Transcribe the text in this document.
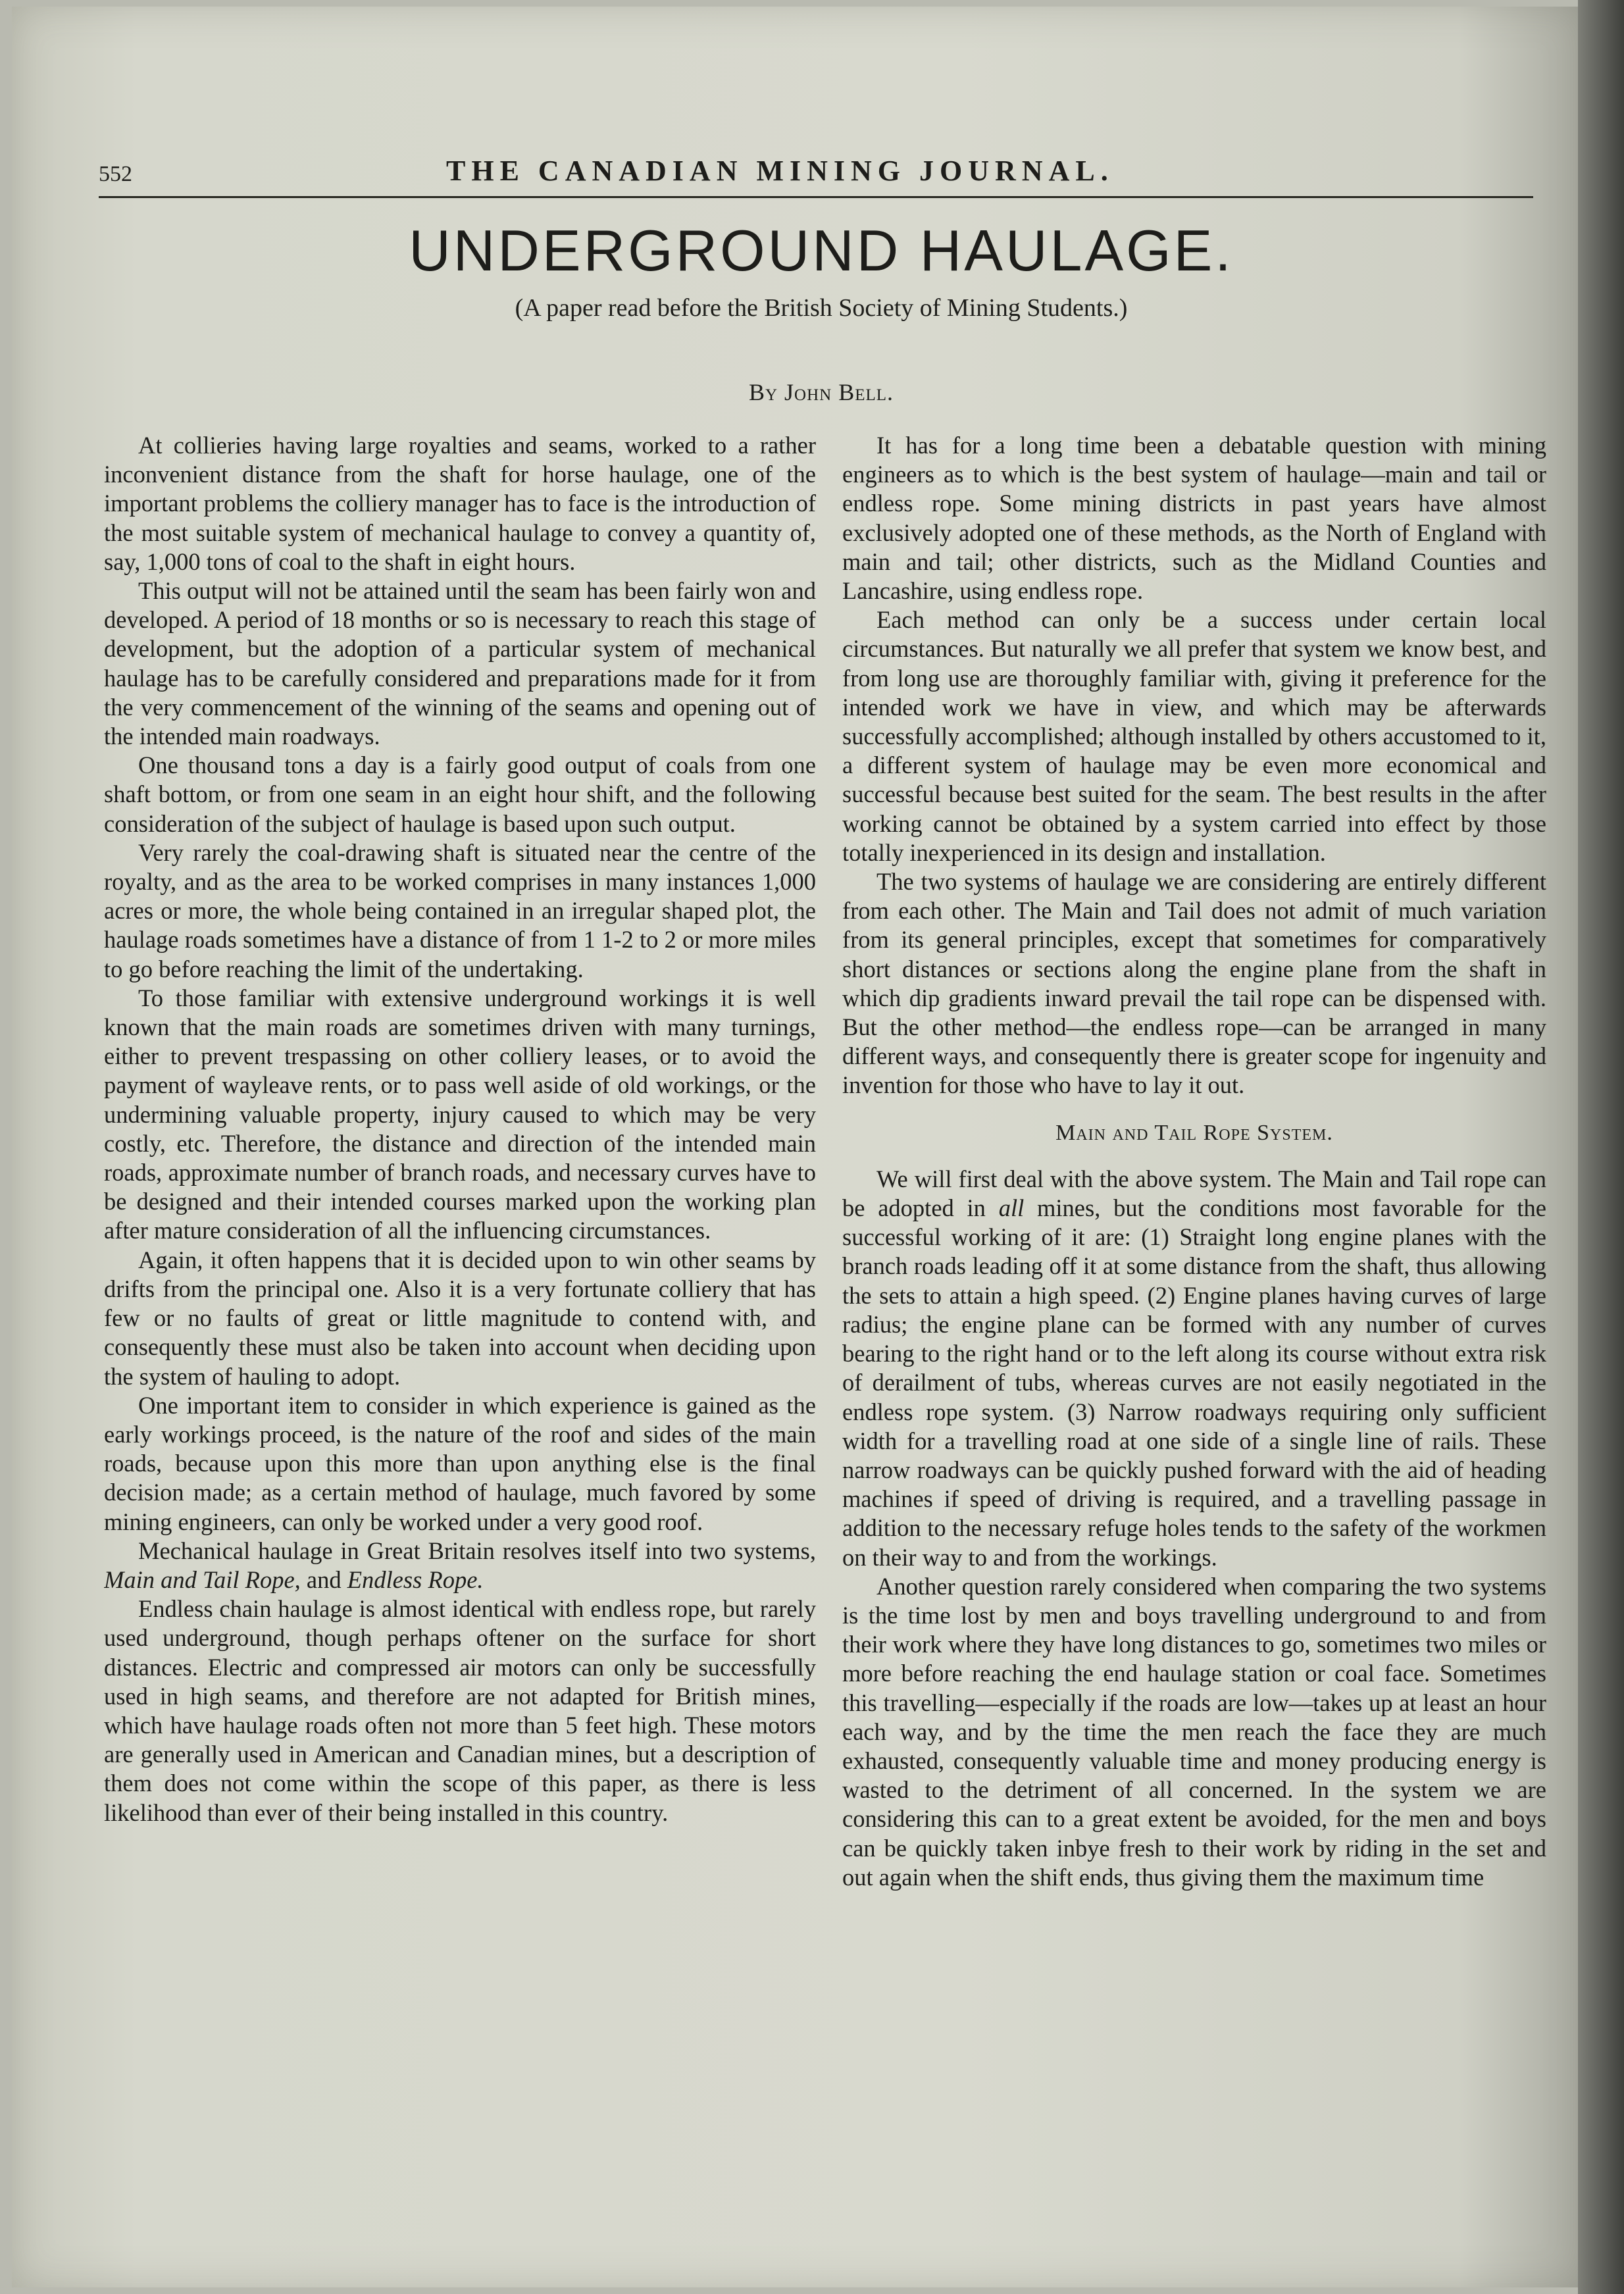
552	THE CANADIAN MINING JOURNAL.
UNDERGROUND HAULAGE.
(A paper read before the British Society of Mining Students.)
By John Bell.

At collieries having large royalties and seams, worked to a rather inconvenient distance from the shaft for horse haulage, one of the important problems the colliery manager has to face is the introduction of the most suitable system of mechanical haulage to convey a quantity of, say, 1,000 tons of coal to the shaft in eight hours.

This output will not be attained until the seam has been fairly won and developed. A period of 18 months or so is necessary to reach this stage of development, but the adoption of a particular system of mechanical haulage has to be carefully considered and preparations made for it from the very commencement of the winning of the seams and opening out of the intended main roadways.

One thousand tons a day is a fairly good output of coals from one shaft bottom, or from one seam in an eight hour shift, and the following consideration of the subject of haulage is based upon such output.

Very rarely the coal-drawing shaft is situated near the centre of the royalty, and as the area to be worked comprises in many instances 1,000 acres or more, the whole being contained in an irregular shaped plot, the haulage roads sometimes have a distance of from 1 1-2 to 2 or more miles to go before reaching the limit of the undertaking.

To those familiar with extensive underground workings it is well known that the main roads are sometimes driven with many turnings, either to prevent trespassing on other colliery leases, or to avoid the payment of wayleave rents, or to pass well aside of old workings, or the undermining valuable property, injury caused to which may be very costly, etc. Therefore, the distance and direction of the intended main roads, approximate number of branch roads, and necessary curves have to be designed and their intended courses marked upon the working plan after mature consideration of all the influencing circumstances.

Again, it often happens that it is decided upon to win other seams by drifts from the principal one. Also it is a very fortunate colliery that has few or no faults of great or little magnitude to contend with, and consequently these must also be taken into account when deciding upon the system of hauling to adopt.

One important item to consider in which experience is gained as the early workings proceed, is the nature of the roof and sides of the main roads, because upon this more than upon anything else is the final decision made; as a certain method of haulage, much favored by some mining engineers, can only be worked under a very good roof.

Mechanical haulage in Great Britain resolves itself into two systems, Main and Tail Rope, and Endless Rope.

Endless chain haulage is almost identical with endless rope, but rarely used underground, though perhaps oftener on the surface for short distances. Electric and compressed air motors can only be successfully used in high seams, and therefore are not adapted for British mines, which have haulage roads often not more than 5 feet high. These motors are generally used in American and Canadian mines, but a description of them does not come within the scope of this paper, as there is less likelihood than ever of their being installed in this country.

It has for a long time been a debatable question with mining engineers as to which is the best system of haulage—main and tail or endless rope. Some mining districts in past years have almost exclusively adopted one of these methods, as the North of England with main and tail; other districts, such as the Midland Counties and Lancashire, using endless rope.

Each method can only be a success under certain local circumstances. But naturally we all prefer that system we know best, and from long use are thoroughly familiar with, giving it preference for the intended work we have in view, and which may be afterwards successfully accomplished; although installed by others accustomed to it, a different system of haulage may be even more economical and successful because best suited for the seam. The best results in the after working cannot be obtained by a system carried into effect by those totally inexperienced in its design and installation.

The two systems of haulage we are considering are entirely different from each other. The Main and Tail does not admit of much variation from its general principles, except that sometimes for comparatively short distances or sections along the engine plane from the shaft in which dip gradients inward prevail the tail rope can be dispensed with. But the other method—the endless rope—can be arranged in many different ways, and consequently there is greater scope for ingenuity and invention for those who have to lay it out.

Main and Tail Rope System.

We will first deal with the above system. The Main and Tail rope can be adopted in all mines, but the conditions most favorable for the successful working of it are: (1) Straight long engine planes with the branch roads leading off it at some distance from the shaft, thus allowing the sets to attain a high speed. (2) Engine planes having curves of large radius; the engine plane can be formed with any number of curves bearing to the right hand or to the left along its course without extra risk of derailment of tubs, whereas curves are not easily negotiated in the endless rope system. (3) Narrow roadways requiring only sufficient width for a travelling road at one side of a single line of rails. These narrow roadways can be quickly pushed forward with the aid of heading machines if speed of driving is required, and a travelling passage in addition to the necessary refuge holes tends to the safety of the workmen on their way to and from the workings.

Another question rarely considered when comparing the two systems is the time lost by men and boys travelling underground to and from their work where they have long distances to go, sometimes two miles or more before reaching the end haulage station or coal face. Sometimes this travelling—especially if the roads are low—takes up at least an hour each way, and by the time the men reach the face they are much exhausted, consequently valuable time and money producing energy is wasted to the detriment of all concerned. In the system we are considering this can to a great extent be avoided, for the men and boys can be quickly taken inbye fresh to their work by riding in the set and out again when the shift ends, thus giving them the maximum time
